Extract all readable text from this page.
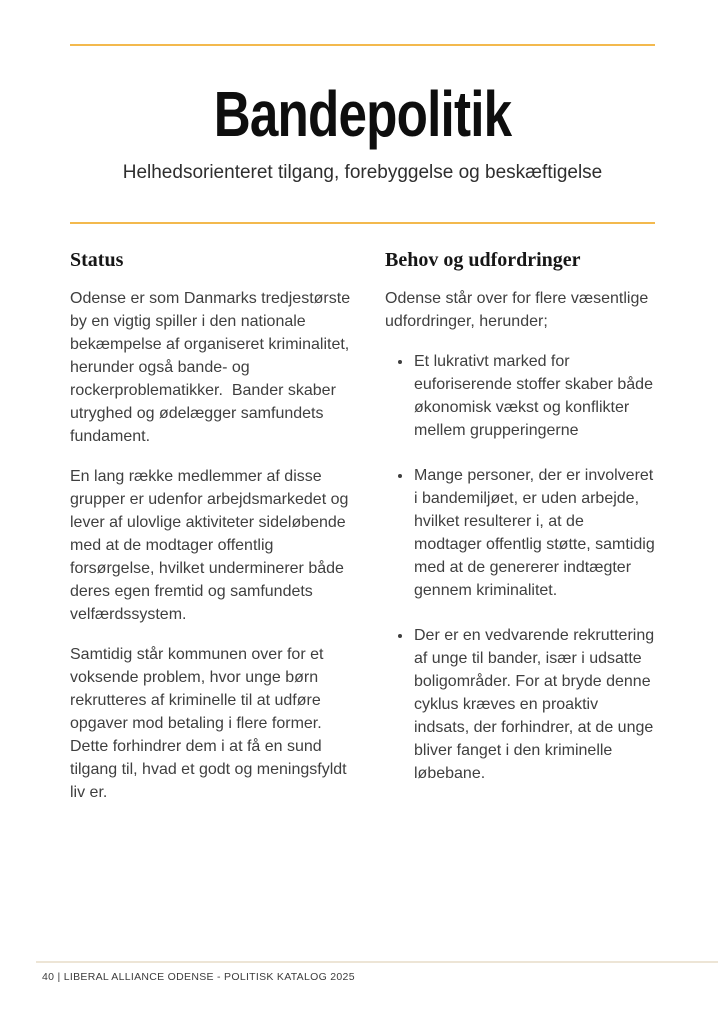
Bandepolitik

Helhedsorienteret tilgang, forebyggelse og beskæftigelse

Status

Odense er som Danmarks tredjestørste by en vigtig spiller i den nationale bekæmpelse af organiseret kriminalitet, herunder også bande- og rockerproblematikker.  Bander skaber utryghed og ødelægger samfundets fundament.

En lang række medlemmer af disse grupper er udenfor arbejdsmarkedet og lever af ulovlige aktiviteter sideløbende med at de modtager offentlig forsørgelse, hvilket underminerer både deres egen fremtid og samfundets velfærdssystem.

Samtidig står kommunen over for et voksende problem, hvor unge børn rekrutteres af kriminelle til at udføre opgaver mod betaling i flere former. Dette forhindrer dem i at få en sund tilgang til, hvad et godt og meningsfyldt liv er.

Behov og udfordringer

Odense står over for flere væsentlige udfordringer, herunder;

• Et lukrativt marked for euforiserende stoffer skaber både økonomisk vækst og konflikter mellem grupperingerne
• Mange personer, der er involveret i bandemiljøet, er uden arbejde, hvilket resulterer i, at de modtager offentlig støtte, samtidig med at de genererer indtægter gennem kriminalitet.
• Der er en vedvarende rekruttering af unge til bander, især i udsatte boligområder. For at bryde denne cyklus kræves en proaktiv indsats, der forhindrer, at de unge bliver fanget i den kriminelle løbebane.
40 | LIBERAL ALLIANCE ODENSE - POLITISK KATALOG 2025
